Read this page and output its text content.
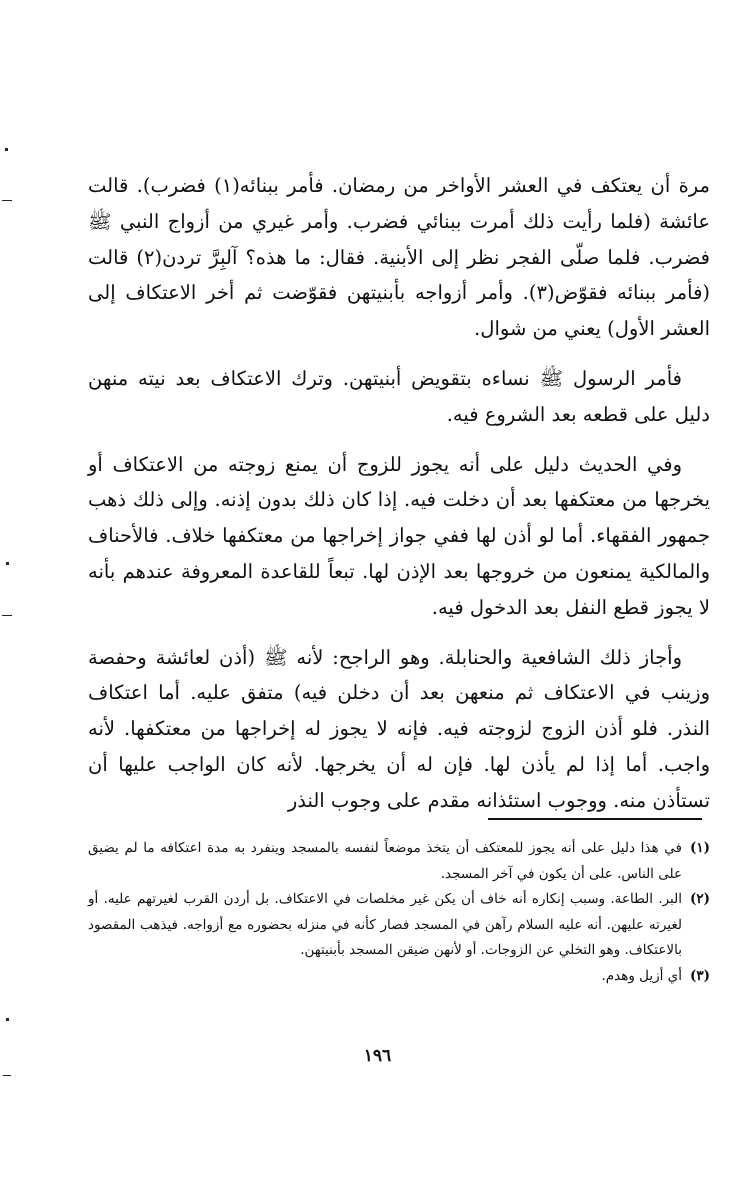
مرة أن يعتكف في العشر الأواخر من رمضان. فأمر ببنائه(١) فضرب). قالت عائشة (فلما رأيت ذلك أمرت ببنائي فضرب. وأمر غيري من أزواج النبي ﷺ فضرب. فلما صلّى الفجر نظر إلى الأبنية. فقال: ما هذه؟ آلبِرَّ تردن(٢) قالت (فأمر ببنائه فقوّض(٣). وأمر أزواجه بأبنيتهن فقوّضت ثم أخر الاعتكاف إلى العشر الأول) يعني من شوال.

فأمر الرسول ﷺ نساءه بتقويض أبنيتهن. وترك الاعتكاف بعد نيته منهن دليل على قطعه بعد الشروع فيه.

وفي الحديث دليل على أنه يجوز للزوج أن يمنع زوجته من الاعتكاف أو يخرجها من معتكفها بعد أن دخلت فيه. إذا كان ذلك بدون إذنه. وإلى ذلك ذهب جمهور الفقهاء. أما لو أذن لها ففي جواز إخراجها من معتكفها خلاف. فالأحناف والمالكية يمنعون من خروجها بعد الإذن لها. تبعاً للقاعدة المعروفة عندهم بأنه لا يجوز قطع النفل بعد الدخول فيه.

وأجاز ذلك الشافعية والحنابلة. وهو الراجح: لأنه ﷺ (أذن لعائشة وحفصة وزينب في الاعتكاف ثم منعهن بعد أن دخلن فيه) متفق عليه. أما اعتكاف النذر. فلو أذن الزوج لزوجته فيه. فإنه لا يجوز له إخراجها من معتكفها. لأنه واجب. أما إذا لم يأذن لها. فإن له أن يخرجها. لأنه كان الواجب عليها أن تستأذن منه. ووجوب استئذانه مقدم على وجوب النذر

(١)
في هذا دليل على أنه يجوز للمعتكف أن يتخذ موضعاً لنفسه بالمسجد وينفرد به مدة اعتكافه ما لم يضيق على الناس. على أن يكون في آخر المسجد.

(٢)
البر. الطاعة. وسبب إنكاره أنه خاف أن يكن غير مخلصات في الاعتكاف. بل أردن القرب لغيرتهم عليه. أو لغيرته عليهن. أنه عليه السلام رآهن في المسجد فصار كأنه في منزله بحضوره مع أزواجه. فيذهب المقصود بالاعتكاف. وهو التخلي عن الزوجات. أو لأنهن ضيقن المسجد بأبنيتهن.

(٣)
أي أزيل وهدم.

١٩٦
